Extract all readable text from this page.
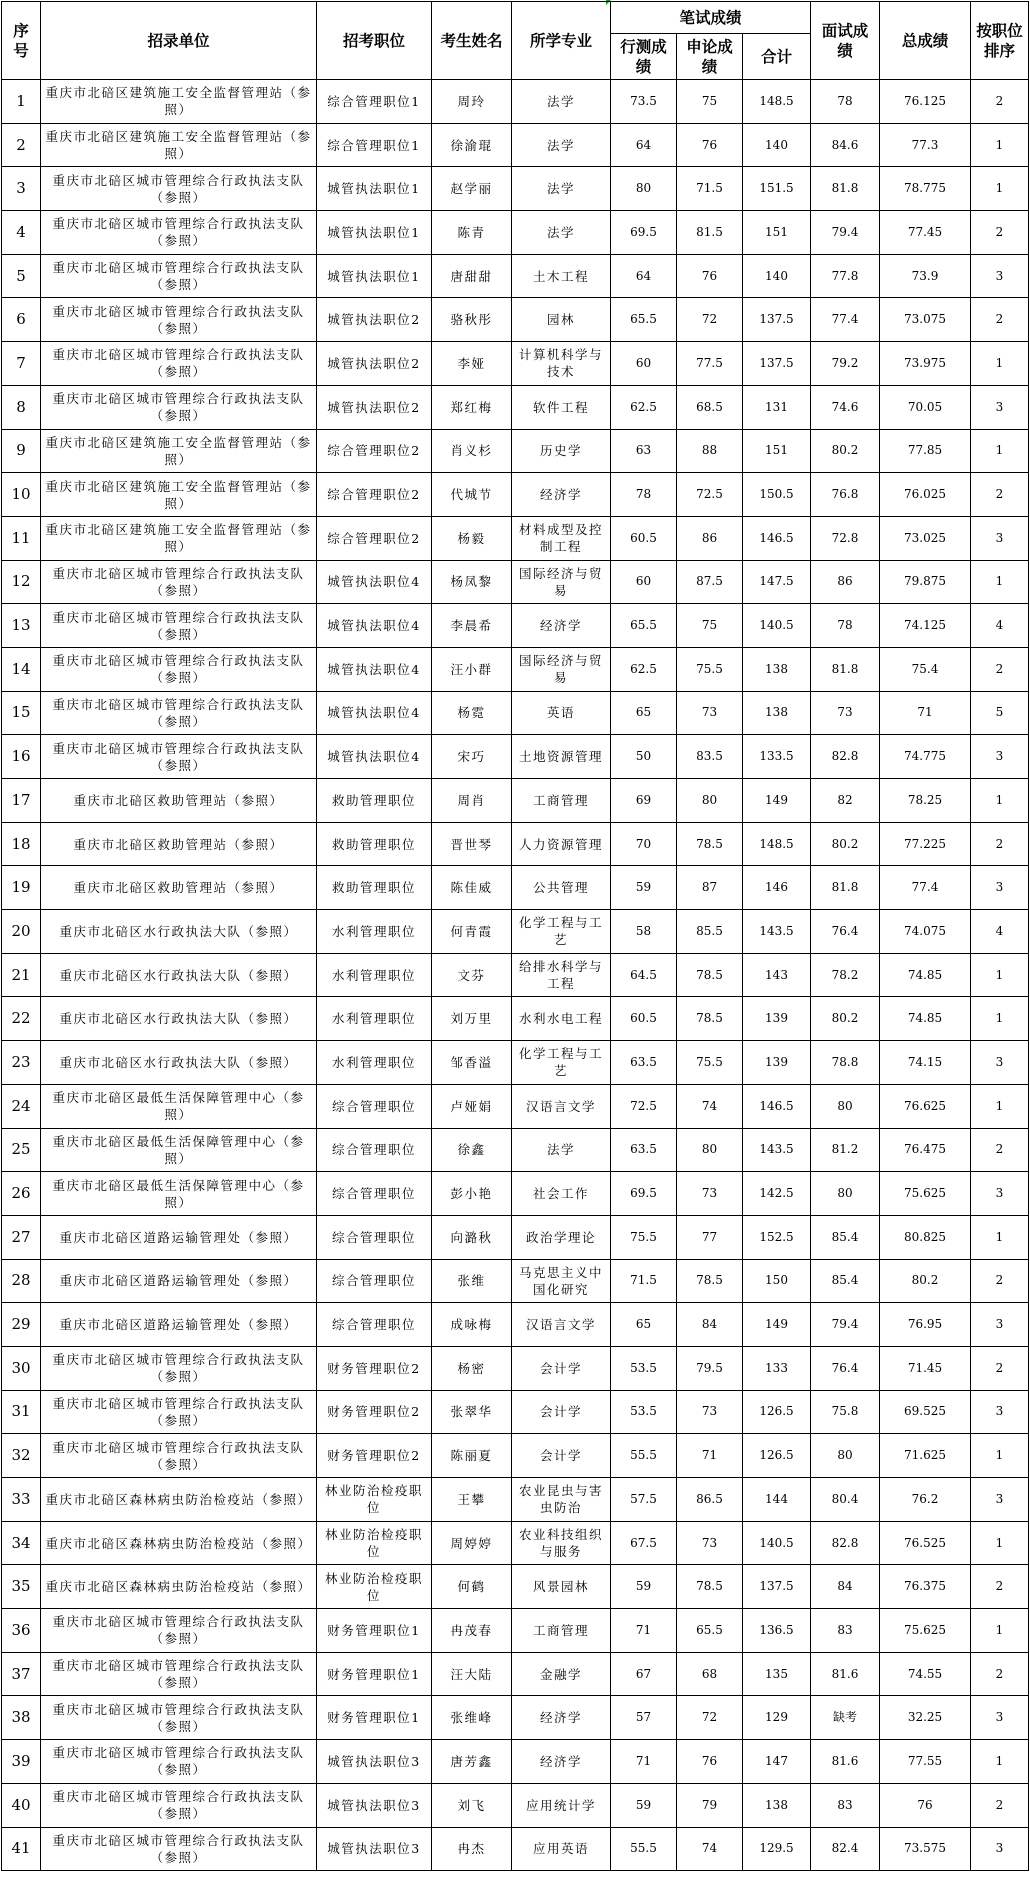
序号	招录单位	招考职位	考生姓名	所学专业	笔试成绩			面试成绩	总成绩	按职位排序
					行测成绩	申论成绩	合计			
1	重庆市北碚区建筑施工安全监督管理站（参照）	综合管理职位1	周玲	法学	73.5	75	148.5	78	76.125	2
2	重庆市北碚区建筑施工安全监督管理站（参照）	综合管理职位1	徐渝琨	法学	64	76	140	84.6	77.3	1
3	重庆市北碚区城市管理综合行政执法支队（参照）	城管执法职位1	赵学丽	法学	80	71.5	151.5	81.8	78.775	1
4	重庆市北碚区城市管理综合行政执法支队（参照）	城管执法职位1	陈青	法学	69.5	81.5	151	79.4	77.45	2
5	重庆市北碚区城市管理综合行政执法支队（参照）	城管执法职位1	唐甜甜	土木工程	64	76	140	77.8	73.9	3
6	重庆市北碚区城市管理综合行政执法支队（参照）	城管执法职位2	骆秋彤	园林	65.5	72	137.5	77.4	73.075	2
7	重庆市北碚区城市管理综合行政执法支队（参照）	城管执法职位2	李娅	计算机科学与技术	60	77.5	137.5	79.2	73.975	1
8	重庆市北碚区城市管理综合行政执法支队（参照）	城管执法职位2	郑红梅	软件工程	62.5	68.5	131	74.6	70.05	3
9	重庆市北碚区建筑施工安全监督管理站（参照）	综合管理职位2	肖义杉	历史学	63	88	151	80.2	77.85	1
10	重庆市北碚区建筑施工安全监督管理站（参照）	综合管理职位2	代城节	经济学	78	72.5	150.5	76.8	76.025	2
11	重庆市北碚区建筑施工安全监督管理站（参照）	综合管理职位2	杨毅	材料成型及控制工程	60.5	86	146.5	72.8	73.025	3
12	重庆市北碚区城市管理综合行政执法支队（参照）	城管执法职位4	杨凤黎	国际经济与贸易	60	87.5	147.5	86	79.875	1
13	重庆市北碚区城市管理综合行政执法支队（参照）	城管执法职位4	李晨希	经济学	65.5	75	140.5	78	74.125	4
14	重庆市北碚区城市管理综合行政执法支队（参照）	城管执法职位4	汪小群	国际经济与贸易	62.5	75.5	138	81.8	75.4	2
15	重庆市北碚区城市管理综合行政执法支队（参照）	城管执法职位4	杨霓	英语	65	73	138	73	71	5
16	重庆市北碚区城市管理综合行政执法支队（参照）	城管执法职位4	宋巧	土地资源管理	50	83.5	133.5	82.8	74.775	3
17	重庆市北碚区救助管理站（参照）	救助管理职位	周肖	工商管理	69	80	149	82	78.25	1
18	重庆市北碚区救助管理站（参照）	救助管理职位	晋世琴	人力资源管理	70	78.5	148.5	80.2	77.225	2
19	重庆市北碚区救助管理站（参照）	救助管理职位	陈佳威	公共管理	59	87	146	81.8	77.4	3
20	重庆市北碚区水行政执法大队（参照）	水利管理职位	何青霞	化学工程与工艺	58	85.5	143.5	76.4	74.075	4
21	重庆市北碚区水行政执法大队（参照）	水利管理职位	文芬	给排水科学与工程	64.5	78.5	143	78.2	74.85	1
22	重庆市北碚区水行政执法大队（参照）	水利管理职位	刘万里	水利水电工程	60.5	78.5	139	80.2	74.85	1
23	重庆市北碚区水行政执法大队（参照）	水利管理职位	邹香溢	化学工程与工艺	63.5	75.5	139	78.8	74.15	3
24	重庆市北碚区最低生活保障管理中心（参照）	综合管理职位	卢娅娟	汉语言文学	72.5	74	146.5	80	76.625	1
25	重庆市北碚区最低生活保障管理中心（参照）	综合管理职位	徐鑫	法学	63.5	80	143.5	81.2	76.475	2
26	重庆市北碚区最低生活保障管理中心（参照）	综合管理职位	彭小艳	社会工作	69.5	73	142.5	80	75.625	3
27	重庆市北碚区道路运输管理处（参照）	综合管理职位	向潞秋	政治学理论	75.5	77	152.5	85.4	80.825	1
28	重庆市北碚区道路运输管理处（参照）	综合管理职位	张维	马克思主义中国化研究	71.5	78.5	150	85.4	80.2	2
29	重庆市北碚区道路运输管理处（参照）	综合管理职位	成咏梅	汉语言文学	65	84	149	79.4	76.95	3
30	重庆市北碚区城市管理综合行政执法支队（参照）	财务管理职位2	杨密	会计学	53.5	79.5	133	76.4	71.45	2
31	重庆市北碚区城市管理综合行政执法支队（参照）	财务管理职位2	张翠华	会计学	53.5	73	126.5	75.8	69.525	3
32	重庆市北碚区城市管理综合行政执法支队（参照）	财务管理职位2	陈丽夏	会计学	55.5	71	126.5	80	71.625	1
33	重庆市北碚区森林病虫防治检疫站（参照）	林业防治检疫职位	王攀	农业昆虫与害虫防治	57.5	86.5	144	80.4	76.2	3
34	重庆市北碚区森林病虫防治检疫站（参照）	林业防治检疫职位	周婷婷	农业科技组织与服务	67.5	73	140.5	82.8	76.525	1
35	重庆市北碚区森林病虫防治检疫站（参照）	林业防治检疫职位	何鹤	风景园林	59	78.5	137.5	84	76.375	2
36	重庆市北碚区城市管理综合行政执法支队（参照）	财务管理职位1	冉茂春	工商管理	71	65.5	136.5	83	75.625	1
37	重庆市北碚区城市管理综合行政执法支队（参照）	财务管理职位1	汪大陆	金融学	67	68	135	81.6	74.55	2
38	重庆市北碚区城市管理综合行政执法支队（参照）	财务管理职位1	张维峰	经济学	57	72	129	缺考	32.25	3
39	重庆市北碚区城市管理综合行政执法支队（参照）	城管执法职位3	唐芳鑫	经济学	71	76	147	81.6	77.55	1
40	重庆市北碚区城市管理综合行政执法支队（参照）	城管执法职位3	刘飞	应用统计学	59	79	138	83	76	2
41	重庆市北碚区城市管理综合行政执法支队（参照）	城管执法职位3	冉杰	应用英语	55.5	74	129.5	82.4	73.575	3
